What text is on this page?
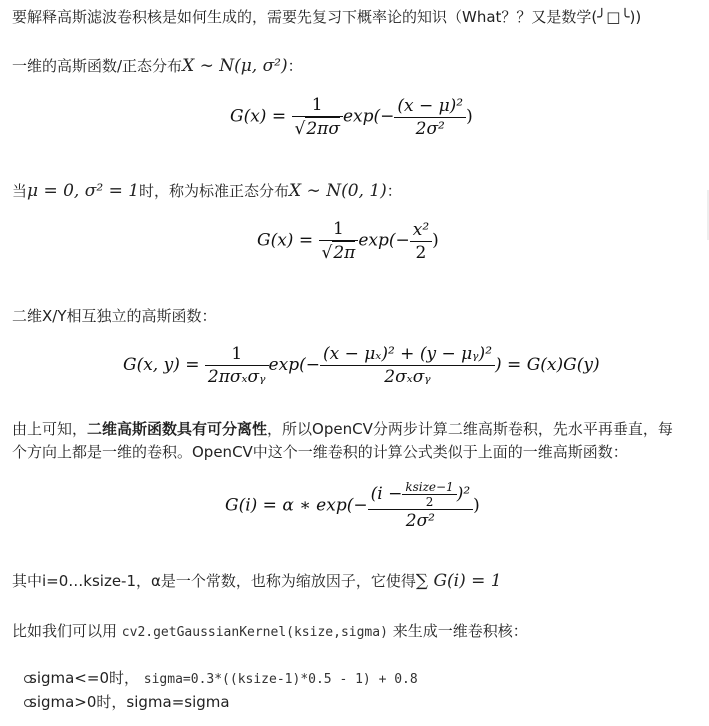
要解释高斯滤波卷积核是如何生成的，需要先复习下概率论的知识（What？？又是数学(╯□╰))
一维的高斯函数/正态分布X ∼ N(μ, σ²)：
$G(x) = \frac{1}{√2\pi\sigma} \exp(- \frac{\text{(x − μ)²}}{\text{2σ²}}$ )
当μ = 0, σ² = 1时，称为标准正态分布X ∼ N(0, 1)：
$G(x) = \frac{1}{√2\pi} \exp(- \frac{\text{x²}}{2}$ )
二维X/Y相互独立的高斯函数：
G(x, $y) = \frac{1}{\text{2πσₓσᵧ}} \exp(- \frac{\text{(x − μₓ)² + (y − μᵧ)²}}{\text{2σₓσᵧ}}$ ) = G(x)G(y)
由上可知，二维高斯函数具有可分离性，所以OpenCV分两步计算二维高斯卷积，先水平再垂直，每
个方向上都是一维的卷积。OpenCV中这个一维卷积的计算公式类似于上面的一维高斯函数：
G(i) = α ∗ $\exp(- \frac{(i - \frac{\text{ksize−1}}{2} )^2}{\text{2σ²}}$ )
其中i=0…ksize-1，α是一个常数，也称为缩放因子，它使得∑ G(i) = 1
比如我们可以用 cv2.getGaussianKernel(ksize,sigma) 来生成一维卷积核：
sigma<=0时， sigma=0.3*((ksize-1)*0.5 - 1) + 0.8
sigma>0时，sigma=sigma
